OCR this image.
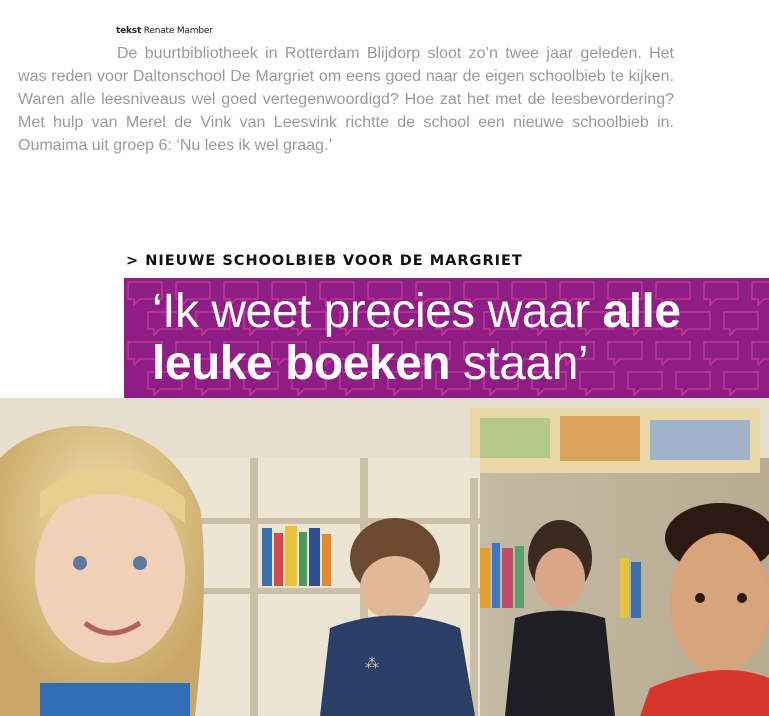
tekst Renate Mamber
De buurtbibliotheek in Rotterdam Blijdorp sloot zo’n twee jaar geleden. Het was reden voor Daltonschool De Margriet om eens goed naar de eigen schoolbieb te kijken. Waren alle leesniveaus wel goed vertegenwoordigd? Hoe zat het met de leesbevordering? Met hulp van Merel de Vink van Leesvink richtte de school een nieuwe schoolbieb in. Oumaima uit groep 6: ‘Nu lees ik wel graag.’
> NIEUWE SCHOOLBIEB VOOR DE MARGRIET
‘Ik weet precies waar alle leuke boeken staan’
⁂
